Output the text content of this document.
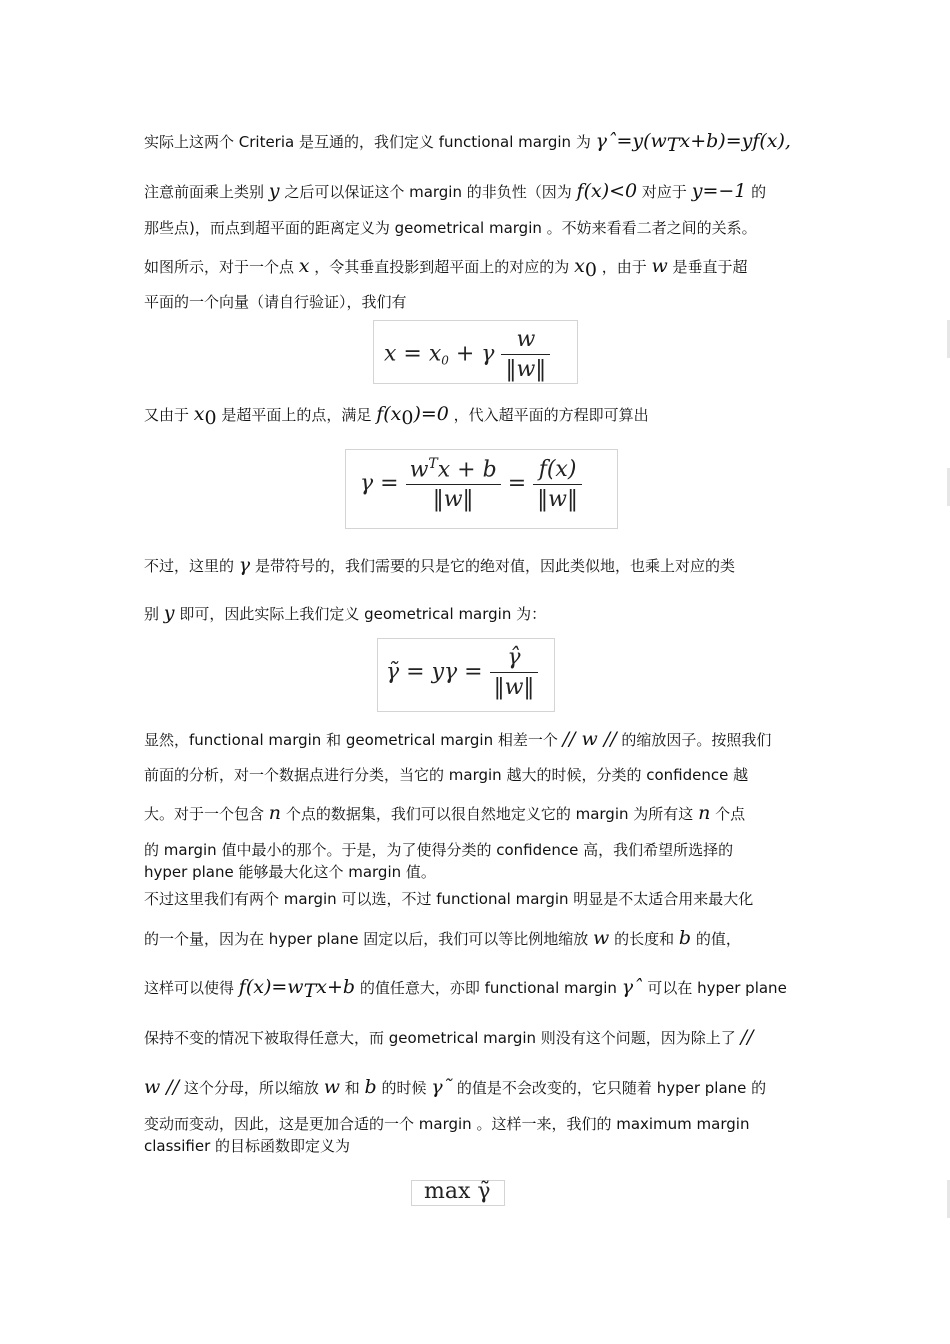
实际上这两个 Criteria 是互通的，我们定义 functional margin 为 $\gamma ˆ=y(w_Tx+b)=yf(x)$,
注意前面乘上类别 y 之后可以保证这个 margin 的非负性（因为 f(x)<0 对应于 y=−1 的
那些点)，而点到超平面的距离定义为 geometrical margin 。不妨来看看二者之间的关系。
如图所示，对于一个点 x ，令其垂直投影到超平面上的对应的为 $x_0$ ，由于 w 是垂直于超
平面的一个向量（请自行验证），我们有
$x = x_0 + \gamma \frac{w}{‖w‖}$
又由于 $x_0$ 是超平面上的点，满足 $f(x_0)=0$ ，代入超平面的方程即可算出
$\gamma = \frac{w^Tx + b}{‖w‖} = \frac{f(x)}{‖w‖}$
不过，这里的 γ 是带符号的，我们需要的只是它的绝对值，因此类似地，也乘上对应的类
别 y 即可，因此实际上我们定义 geometrical margin 为：
γ̃ = $y\gamma = \frac{\gammâ}{‖w‖}$
显然，functional margin 和 geometrical margin 相差一个 // w // 的缩放因子。按照我们
前面的分析，对一个数据点进行分类，当它的 margin 越大的时候，分类的 confidence 越
大。对于一个包含 n 个点的数据集，我们可以很自然地定义它的 margin 为所有这 n 个点
的 margin 值中最小的那个。于是，为了使得分类的 confidence 高，我们希望所选择的
hyper plane 能够最大化这个 margin 值。
不过这里我们有两个 margin 可以选，不过 functional margin 明显是不太适合用来最大化
的一个量，因为在 hyper plane 固定以后，我们可以等比例地缩放 w 的长度和 b 的值，
这样可以使得 $f(x)=w_Tx+b$ 的值任意大，亦即 functional margin γˆ 可以在 hyper plane
保持不变的情况下被取得任意大，而 geometrical margin 则没有这个问题，因为除上了 //
w // 这个分母，所以缩放 w 和 b 的时候 γ˜ 的值是不会改变的，它只随着 hyper plane 的
变动而变动，因此，这是更加合适的一个 margin 。这样一来，我们的 maximum margin
classifier 的目标函数即定义为
max γ̃
